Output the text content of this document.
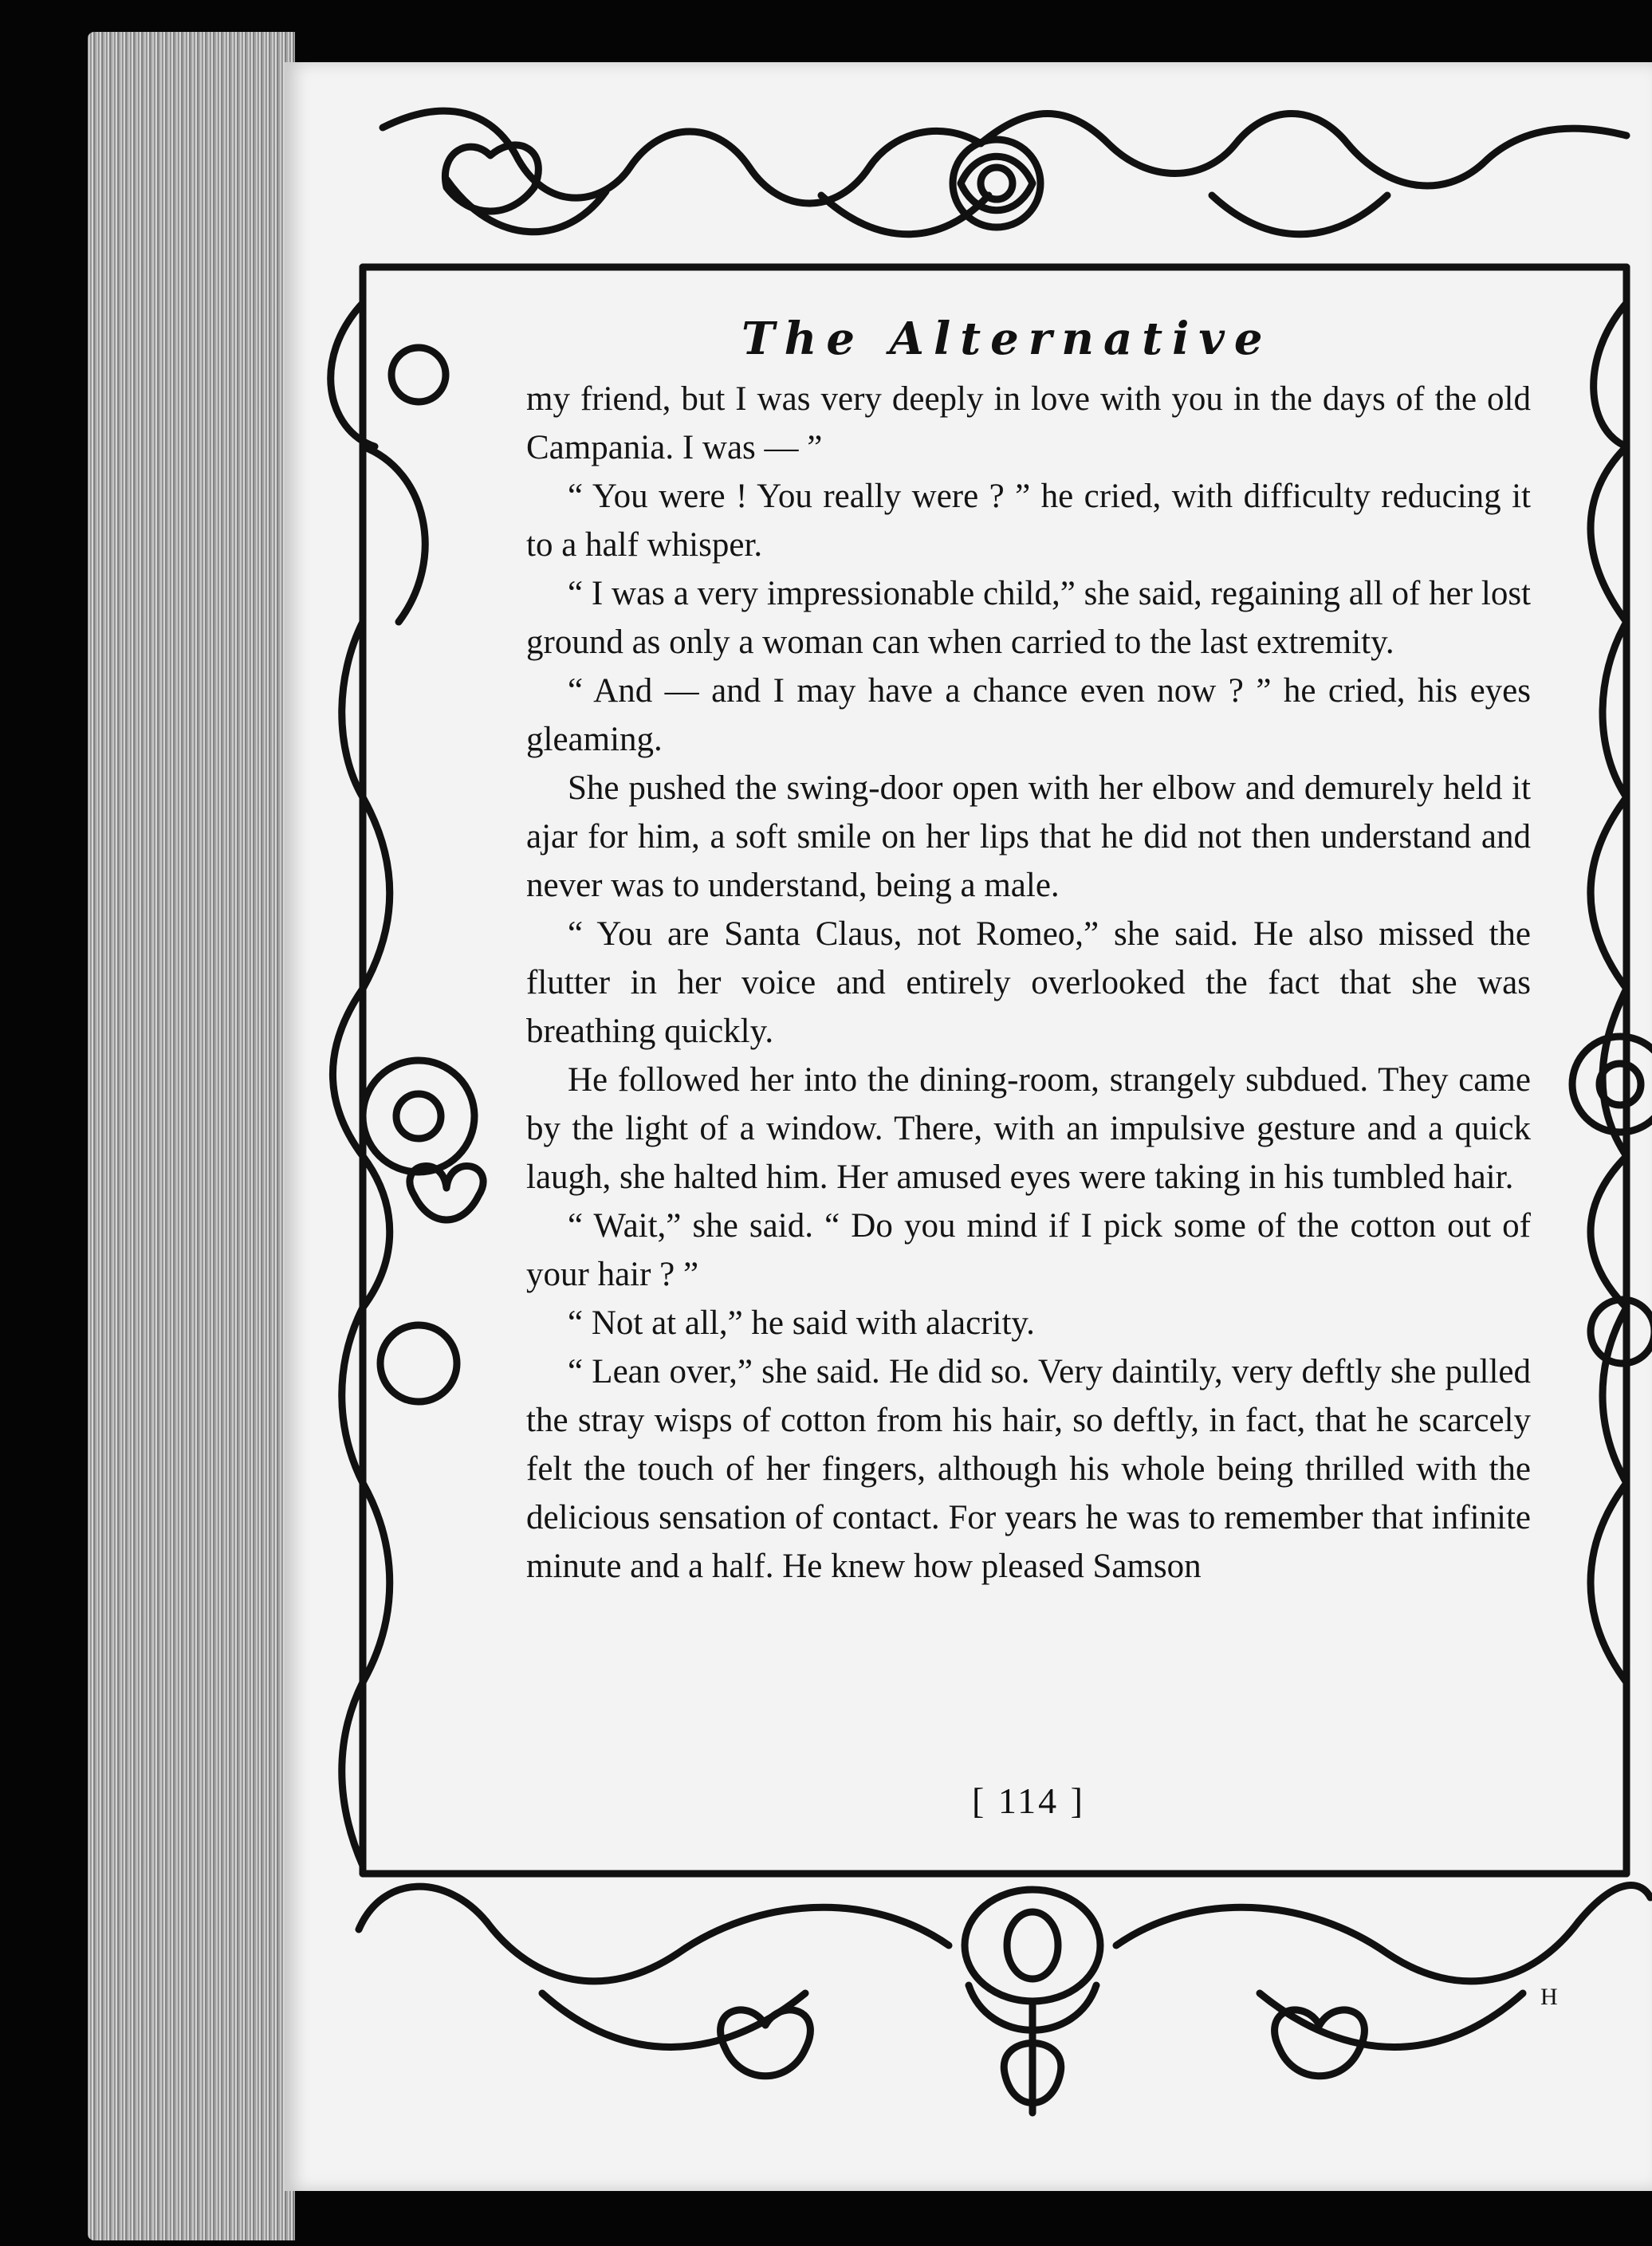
The Alternative

my friend, but I was very deeply in love with you in the days of the old Campania. I was — ”

“ You were ! You really were ? ” he cried, with difficulty reducing it to a half whisper.

“ I was a very impressionable child,” she said, regaining all of her lost ground as only a woman can when carried to the last extremity.

“ And — and I may have a chance even now ? ” he cried, his eyes gleaming.

She pushed the swing-door open with her elbow and demurely held it ajar for him, a soft smile on her lips that he did not then understand and never was to understand, being a male.

“ You are Santa Claus, not Romeo,” she said. He also missed the flutter in her voice and entirely overlooked the fact that she was breathing quickly.

He followed her into the dining-room, strangely subdued. They came by the light of a window. There, with an impulsive gesture and a quick laugh, she halted him. Her amused eyes were taking in his tumbled hair.

“ Wait,” she said. “ Do you mind if I pick some of the cotton out of your hair ? ”

“ Not at all,” he said with alacrity.

“ Lean over,” she said. He did so. Very daintily, very deftly she pulled the stray wisps of cotton from his hair, so deftly, in fact, that he scarcely felt the touch of her fingers, although his whole being thrilled with the delicious sensation of contact. For years he was to remember that infinite minute and a half. He knew how pleased Samson

[ 114 ]
H
